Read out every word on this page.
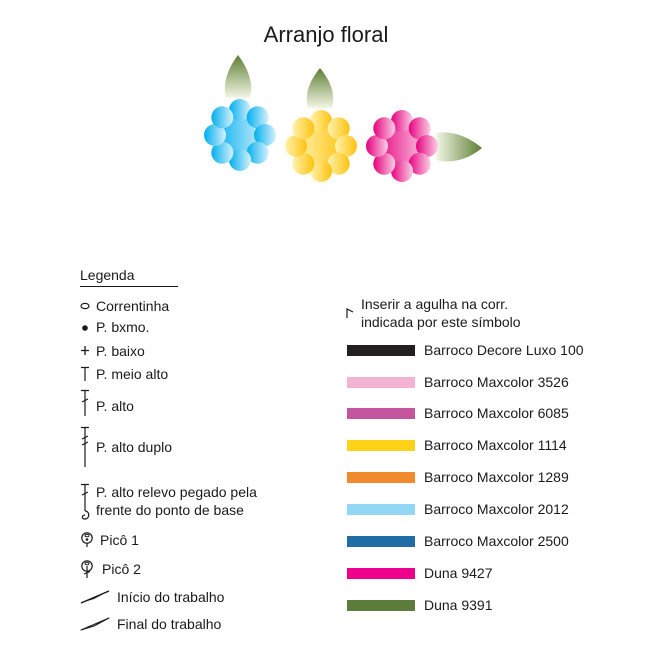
Arranjo floral
Legenda
Correntinha
P. bxmo.
P. baixo
P. meio alto
P. alto
P. alto duplo
P. alto relevo pegado pela
frente do ponto de base
Picô 1
Picô 2
Início do trabalho
Final do trabalho
Inserir a agulha na corr.
indicada por este símbolo
Barroco Decore Luxo 100
Barroco Maxcolor 3526
Barroco Maxcolor 6085
Barroco Maxcolor 1114
Barroco Maxcolor 1289
Barroco Maxcolor 2012
Barroco Maxcolor 2500
Duna 9427
Duna 9391
